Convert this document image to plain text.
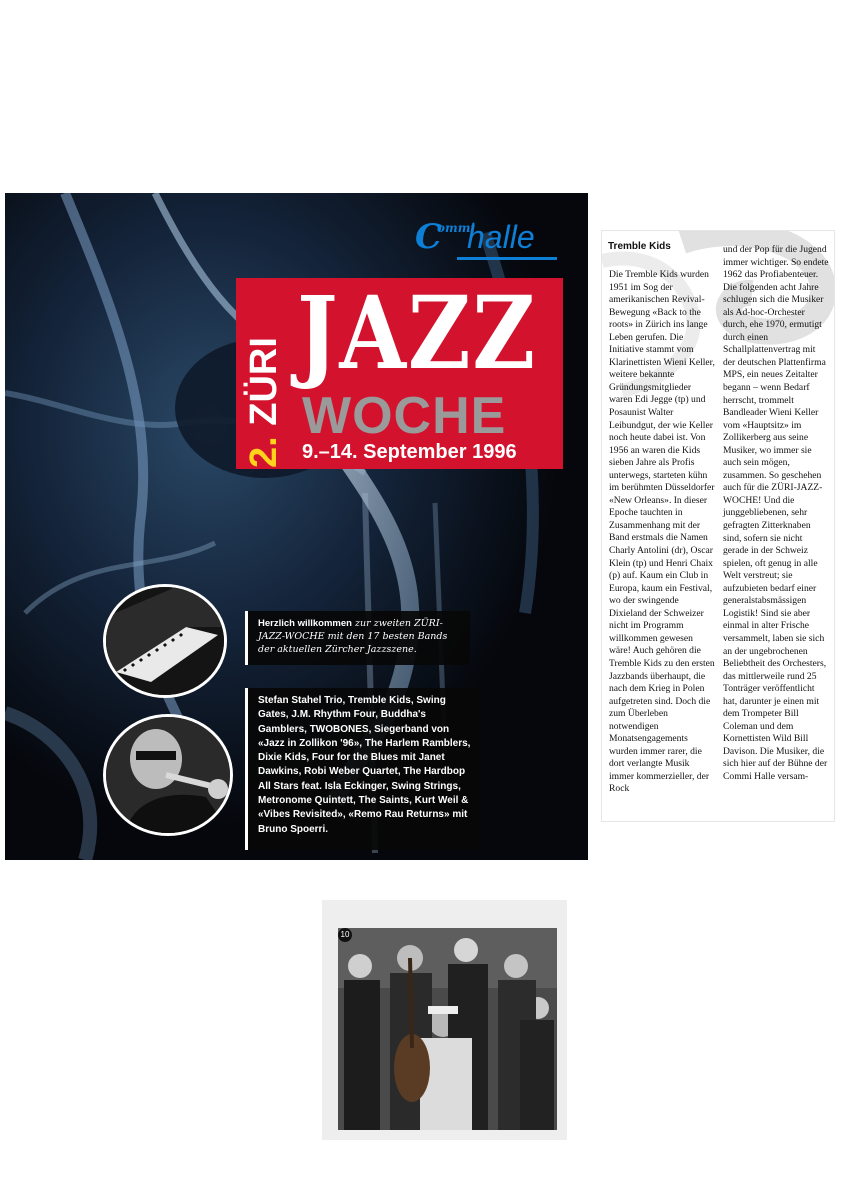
C
ommi
halle
2. ZÜRI JAZZ
WOCHE
9.–14. September 1996

Herzlich willkommen zur zweiten ZÜRI-JAZZ-WOCHE mit den 17 besten Bands der aktuellen Zürcher Jazzszene.

Stefan Stahel Trio, Tremble Kids, Swing Gates, J.M. Rhythm Four, Buddha's Gamblers, TWOBONES, Siegerband von «Jazz in Zollikon '96», The Harlem Ramblers, Dixie Kids, Four for the Blues mit Janet Dawkins, Robi Weber Quartet, The Hardbop All Stars feat. Isla Eckinger, Swing Strings, Metronome Quintett, The Saints, Kurt Weil & «Vibes Revisited», «Remo Rau Returns» mit Bruno Spoerri.

Tremble Kids

Die Tremble Kids wurden 1951 im Sog der amerikanischen Revival-Bewegung «Back to the roots» in Zürich ins lange Leben gerufen. Die Initiative stammt vom Klarinettisten Wieni Keller, weitere bekannte Gründungsmitglieder waren Edi Jegge (tp) und Posaunist Walter Leibundgut, der wie Keller noch heute dabei ist. Von 1956 an waren die Kids sieben Jahre als Profis unterwegs, starteten kühn im berühmten Düsseldorfer «New Orleans». In dieser Epoche tauchten in Zusammenhang mit der Band erstmals die Namen Charly Antolini (dr), Oscar Klein (tp) und Henri Chaix (p) auf. Kaum ein Club in Europa, kaum ein Festival, wo der swingende Dixieland der Schweizer nicht im Programm willkommen gewesen wäre! Auch gehören die Tremble Kids zu den ersten Jazzbands überhaupt, die nach dem Krieg in Polen aufgetreten sind. Doch die zum Überleben notwendigen Monatsengagements wurden immer rarer, die dort verlangte Musik immer kommerzieller, der Rock

und der Pop für die Jugend immer wichtiger. So endete 1962 das Profiabenteuer. Die folgenden acht Jahre schlugen sich die Musiker als Ad-hoc-Orchester durch, ehe 1970, ermutigt durch einen Schallplattenvertrag mit der deutschen Plattenfirma MPS, ein neues Zeitalter begann – wenn Bedarf herrscht, trommelt Bandleader Wieni Keller vom «Hauptsitz» im Zollikerberg aus seine Musiker, wo immer sie auch sein mögen, zusammen. So geschehen auch für die ZÜRI-JAZZ-WOCHE! Und die junggebliebenen, sehr gefragten Zitterknaben sind, sofern sie nicht gerade in der Schweiz spielen, oft genug in alle Welt verstreut; sie aufzubieten bedarf einer generalstabsmässigen Logistik! Sind sie aber einmal in alter Frische versammelt, laben sie sich an der ungebrochenen Beliebtheit des Orchesters, das mittlerweile rund 25 Tonträger veröffentlicht hat, darunter je einen mit dem Trompeter Bill Coleman und dem Kornettisten Wild Bill Davison. Die Musiker, die sich hier auf der Bühne der Commi Halle versam-

10
